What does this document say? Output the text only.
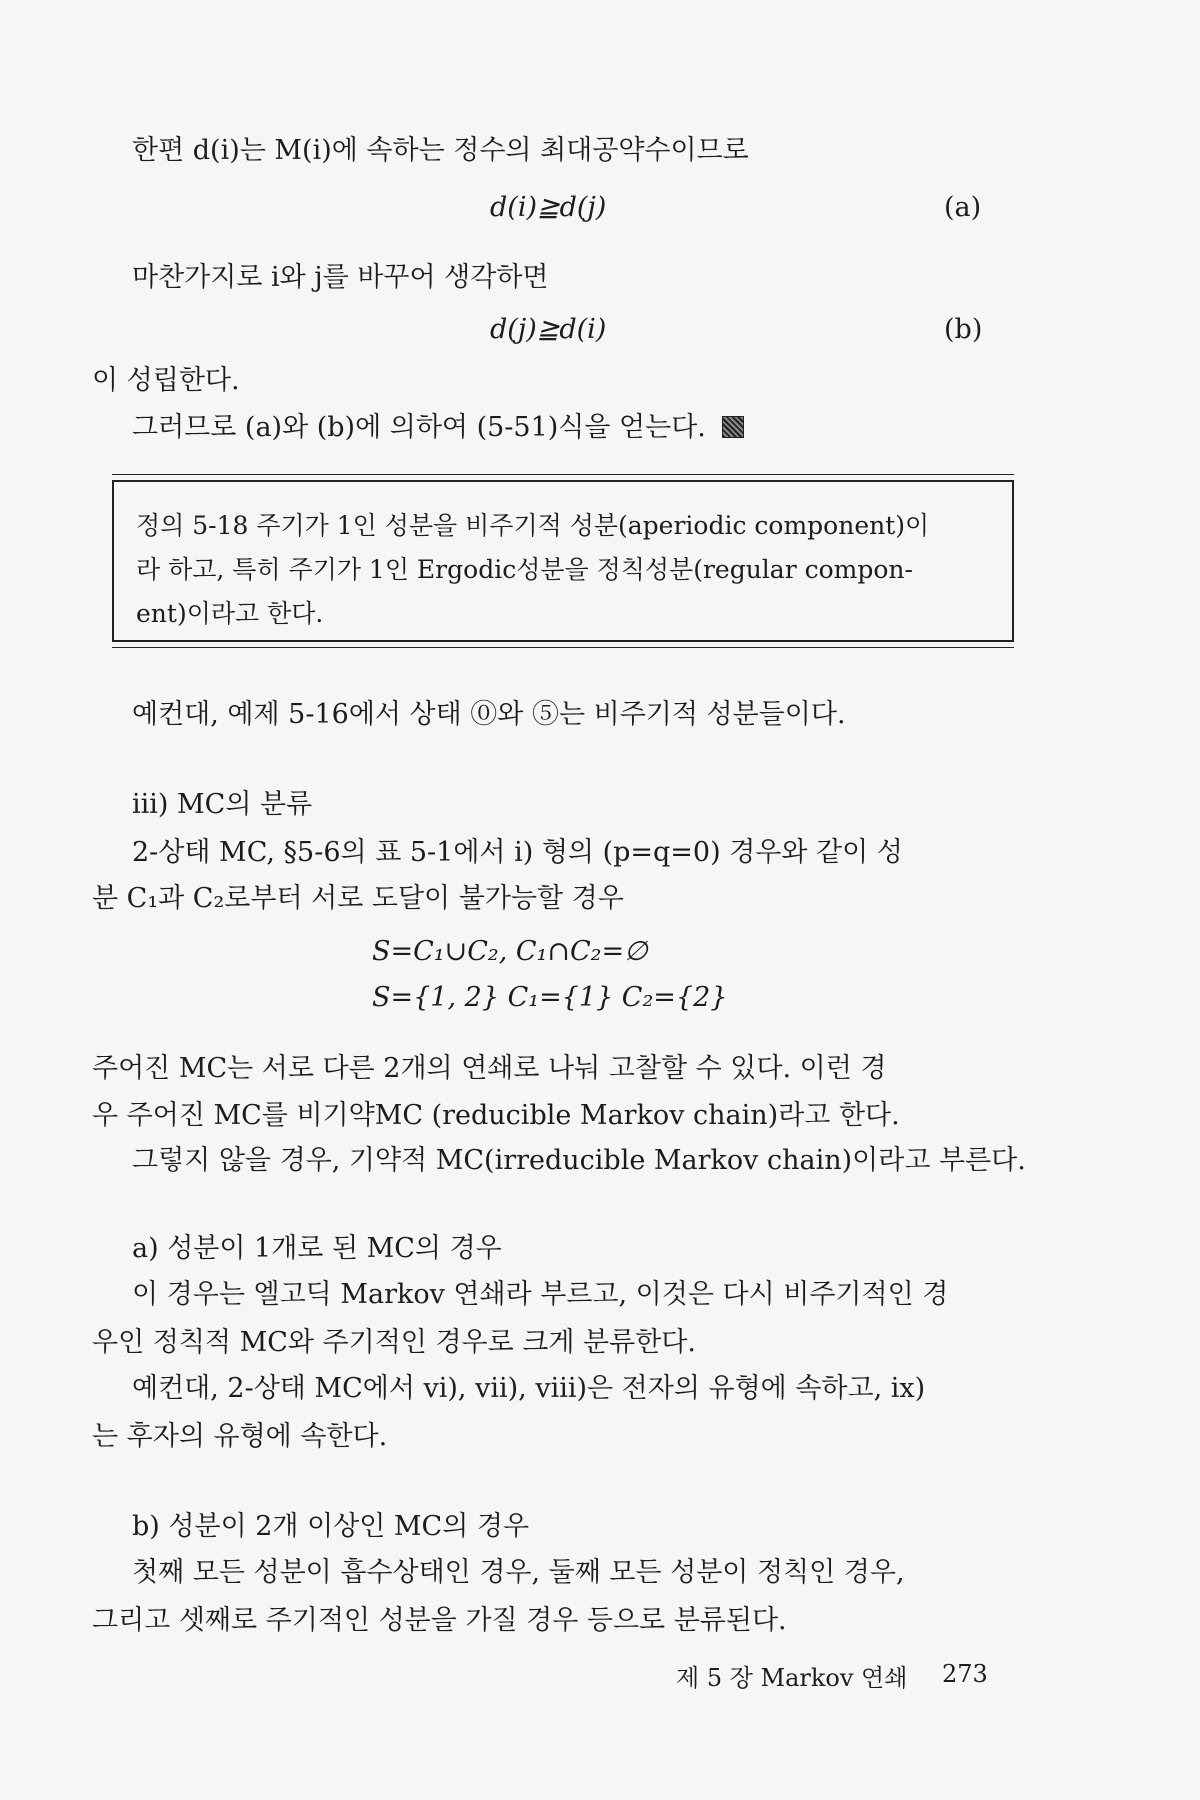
한편 d(i)는 M(i)에 속하는 정수의 최대공약수이므로
d(i)≧d(j)	(a)
마찬가지로 i와 j를 바꾸어 생각하면
d(j)≧d(i)	(b)
이 성립한다.
그러므로 (a)와 (b)에 의하여 (5-51)식을 얻는다.
정의 5-18 주기가 1인 성분을 비주기적 성분(aperiodic component)이
라 하고, 특히 주기가 1인 Ergodic성분을 정칙성분(regular compon-
ent)이라고 한다.
예컨대, 예제 5-16에서 상태 ⓪와 ⑤는 비주기적 성분들이다.
iii) MC의 분류
2-상태 MC, §5-6의 표 5-1에서 i) 형의 (p=q=0) 경우와 같이 성
분 C₁과 C₂로부터 서로 도달이 불가능할 경우
S=C₁∪C₂, C₁∩C₂=∅
S={1, 2} C₁={1} C₂={2}
주어진 MC는 서로 다른 2개의 연쇄로 나눠 고찰할 수 있다. 이런 경
우 주어진 MC를 비기약MC (reducible Markov chain)라고 한다.
그렇지 않을 경우, 기약적 MC(irreducible Markov chain)이라고 부른다.
a) 성분이 1개로 된 MC의 경우
이 경우는 엘고딕 Markov 연쇄라 부르고, 이것은 다시 비주기적인 경
우인 정칙적 MC와 주기적인 경우로 크게 분류한다.
예컨대, 2-상태 MC에서 vi), vii), viii)은 전자의 유형에 속하고, ix)
는 후자의 유형에 속한다.
b) 성분이 2개 이상인 MC의 경우
첫째 모든 성분이 흡수상태인 경우, 둘째 모든 성분이 정칙인 경우,
그리고 셋째로 주기적인 성분을 가질 경우 등으로 분류된다.
제 5 장 Markov 연쇄 273
